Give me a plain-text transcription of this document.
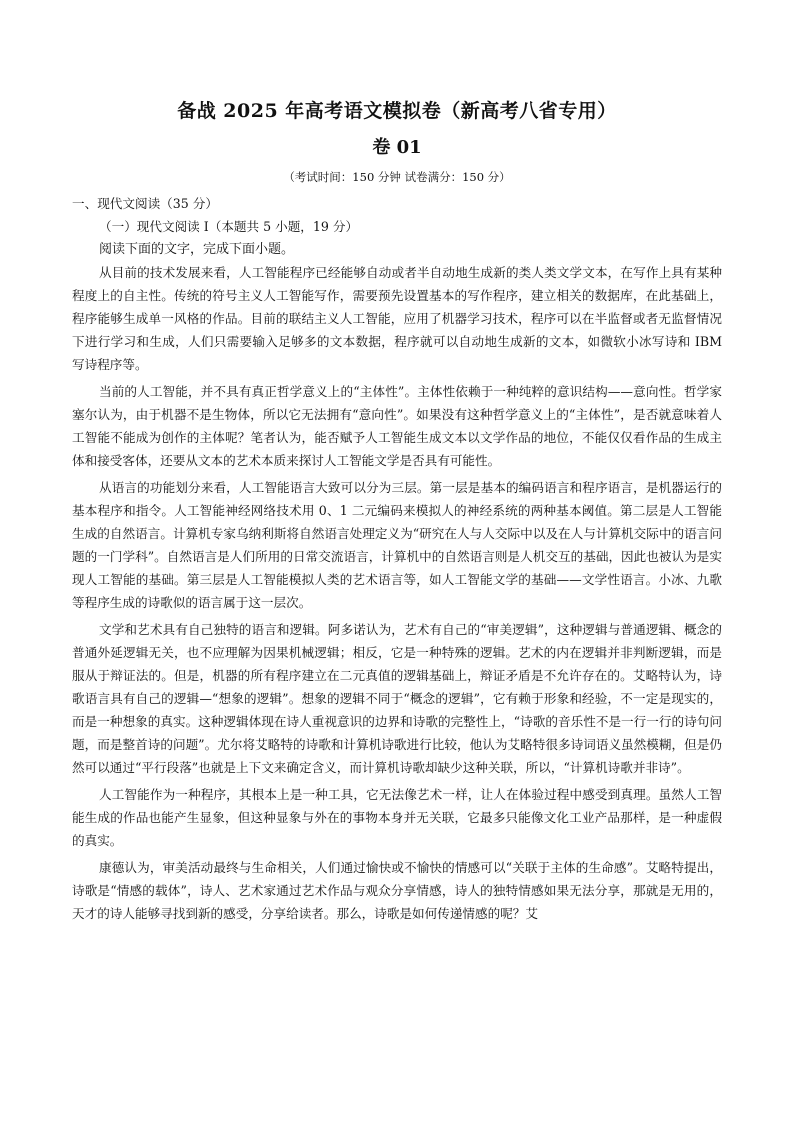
备战 2025 年高考语文模拟卷（新高考八省专用）
卷 01
（考试时间：150 分钟 试卷满分：150 分）

一、现代文阅读（35 分）

（一）现代文阅读 I（本题共 5 小题，19 分）

阅读下面的文字，完成下面小题。

从目前的技术发展来看，人工智能程序已经能够自动或者半自动地生成新的类人类文学文本，在写作上具有某种程度上的自主性。传统的符号主义人工智能写作，需要预先设置基本的写作程序，建立相关的数据库，在此基础上，程序能够生成单一风格的作品。目前的联结主义人工智能，应用了机器学习技术，程序可以在半监督或者无监督情况下进行学习和生成，人们只需要输入足够多的文本数据，程序就可以自动地生成新的文本，如微软小冰写诗和 IBM 写诗程序等。

当前的人工智能，并不具有真正哲学意义上的“主体性”。主体性依赖于一种纯粹的意识结构——意向性。哲学家塞尔认为，由于机器不是生物体，所以它无法拥有“意向性”。如果没有这种哲学意义上的“主体性”，是否就意味着人工智能不能成为创作的主体呢？笔者认为，能否赋予人工智能生成文本以文学作品的地位，不能仅仅看作品的生成主体和接受客体，还要从文本的艺术本质来探讨人工智能文学是否具有可能性。

从语言的功能划分来看，人工智能语言大致可以分为三层。第一层是基本的编码语言和程序语言，是机器运行的基本程序和指令。人工智能神经网络技术用 0、1 二元编码来模拟人的神经系统的两种基本阈值。第二层是人工智能生成的自然语言。计算机专家乌纳利斯将自然语言处理定义为“研究在人与人交际中以及在人与计算机交际中的语言问题的一门学科”。自然语言是人们所用的日常交流语言，计算机中的自然语言则是人机交互的基础，因此也被认为是实现人工智能的基础。第三层是人工智能模拟人类的艺术语言等，如人工智能文学的基础——文学性语言。小冰、九歌等程序生成的诗歌似的语言属于这一层次。

文学和艺术具有自己独特的语言和逻辑。阿多诺认为，艺术有自己的“审美逻辑”，这种逻辑与普通逻辑、概念的普通外延逻辑无关，也不应理解为因果机械逻辑；相反，它是一种特殊的逻辑。艺术的内在逻辑并非判断逻辑，而是服从于辩证法的。但是，机器的所有程序建立在二元真值的逻辑基础上，辩证矛盾是不允许存在的。艾略特认为，诗歌语言具有自己的逻辑—“想象的逻辑”。想象的逻辑不同于“概念的逻辑”，它有赖于形象和经验，不一定是现实的，而是一种想象的真实。这种逻辑体现在诗人重视意识的边界和诗歌的完整性上，“诗歌的音乐性不是一行一行的诗句问题，而是整首诗的问题”。尤尔将艾略特的诗歌和计算机诗歌进行比较，他认为艾略特很多诗词语义虽然模糊，但是仍然可以通过“平行段落”也就是上下文来确定含义，而计算机诗歌却缺少这种关联，所以，“计算机诗歌并非诗”。

人工智能作为一种程序，其根本上是一种工具，它无法像艺术一样，让人在体验过程中感受到真理。虽然人工智能生成的作品也能产生显象，但这种显象与外在的事物本身并无关联，它最多只能像文化工业产品那样，是一种虚假的真实。

康德认为，审美活动最终与生命相关，人们通过愉快或不愉快的情感可以“关联于主体的生命感”。艾略特提出，诗歌是“情感的载体”，诗人、艺术家通过艺术作品与观众分享情感，诗人的独特情感如果无法分享，那就是无用的，天才的诗人能够寻找到新的感受，分享给读者。那么，诗歌是如何传递情感的呢？艾
